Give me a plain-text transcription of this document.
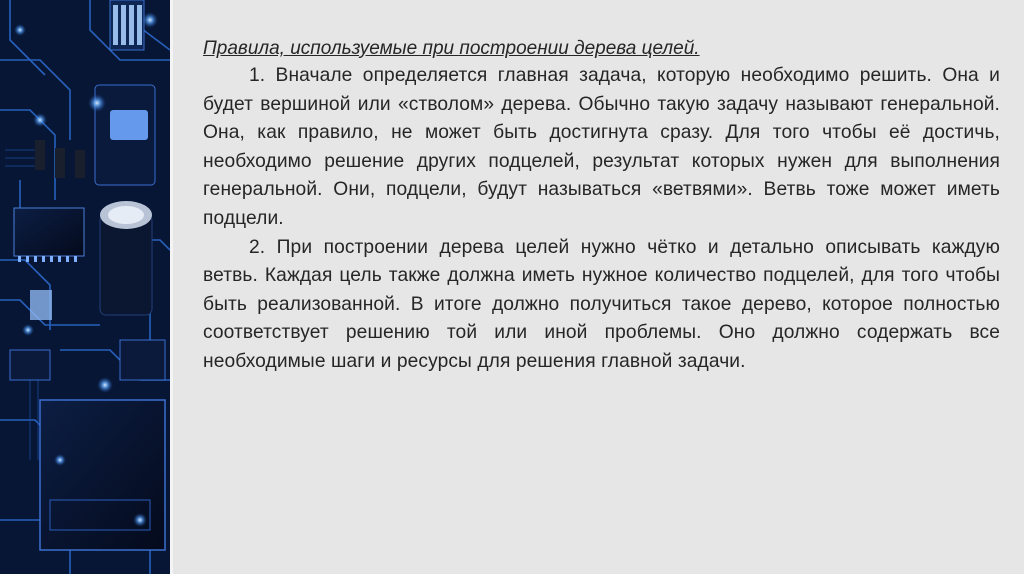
Правила, используемые при построении дерева целей.

1. Вначале определяется главная задача, которую необходимо решить. Она и будет вершиной или «стволом» дерева. Обычно такую задачу называют генеральной. Она, как правило, не может быть достигнута сразу. Для того чтобы её достичь, необходимо решение других подцелей, результат которых нужен для выполнения генеральной. Они, подцели, будут называться «ветвями». Ветвь тоже может иметь подцели.

2. При построении дерева целей нужно чётко и детально описывать каждую ветвь. Каждая цель также должна иметь нужное количество подцелей, для того чтобы быть реализованной. В итоге должно получиться такое дерево, которое полностью соответствует решению той или иной проблемы. Оно должно содержать все необходимые шаги и ресурсы для решения главной задачи.
